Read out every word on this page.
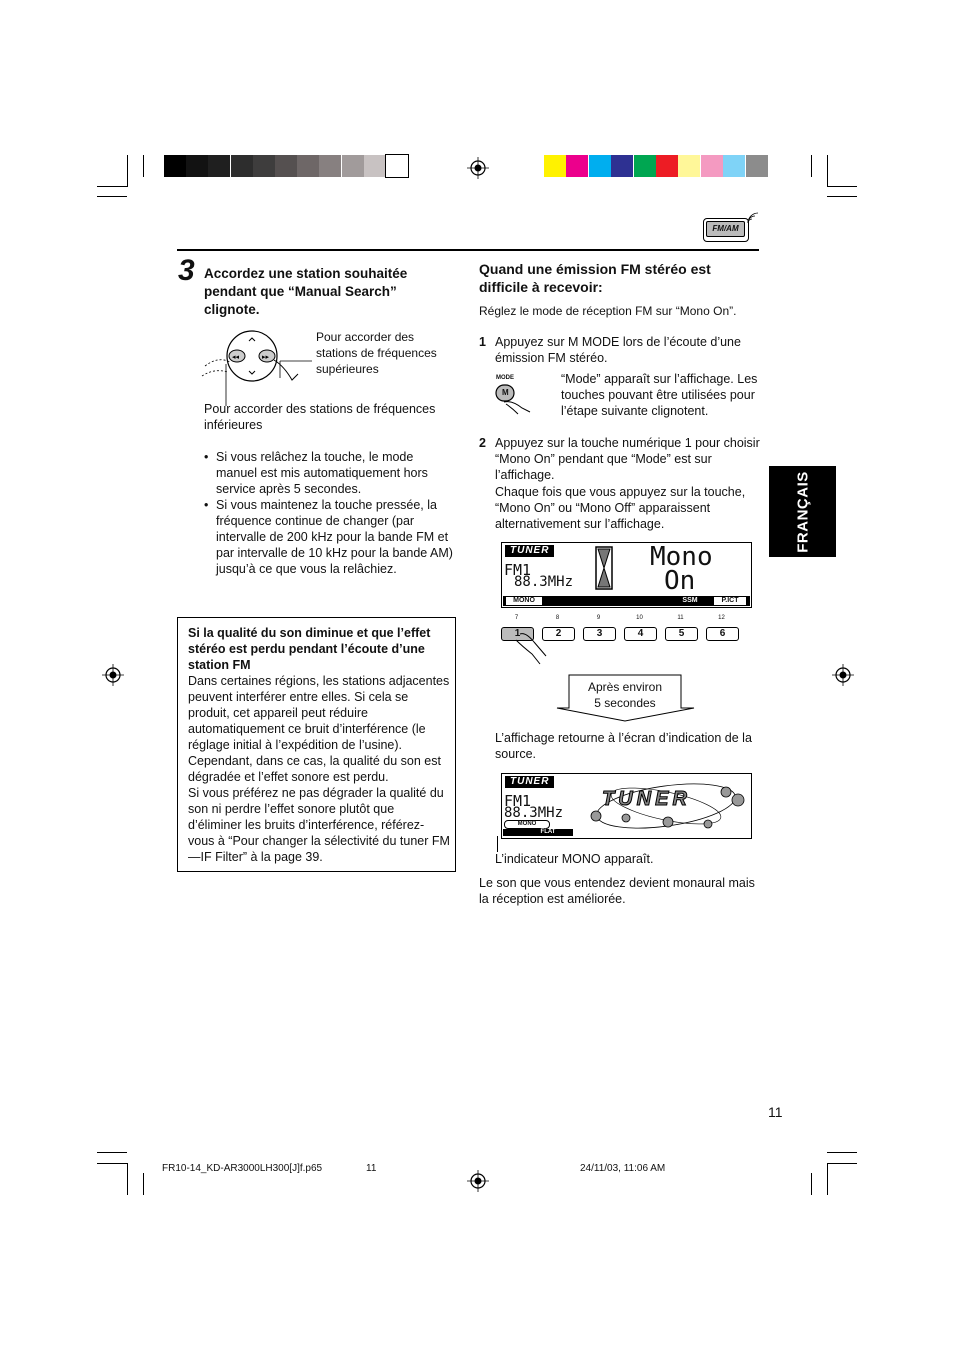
FM/AM
3 Accordez une station souhaitée pendant que “Manual Search” clignote.
◂◂	▸▸
Pour accorder des stations de fréquences supérieures
Pour accorder des stations de fréquences inférieures
• Si vous relâchez la touche, le mode manuel est mis automatiquement hors service après 5 secondes.
• Si vous maintenez la touche pressée, la fréquence continue de changer (par intervalle de 200 kHz pour la bande FM et par intervalle de 10 kHz pour la bande AM) jusqu’à ce que vous la relâchiez.
Si la qualité du son diminue et que l’effet stéréo est perdu pendant l’écoute d’une station FM
Dans certaines régions, les stations adjacentes peuvent interférer entre elles. Si cela se produit, cet appareil peut réduire automatiquement ce bruit d’interférence (le réglage initial à l’expédition de l’usine). Cependant, dans ce cas, la qualité du son est dégradée et l’effet sonore est perdu.
Si vous préférez ne pas dégrader la qualité du son ni perdre l’effet sonore plutôt que d’éliminer les bruits d’interférence, référez-vous à “Pour changer la sélectivité du tuner FM—IF Filter” à la page 39.
Quand une émission FM stéréo est difficile à recevoir:
Réglez le mode de réception FM sur “Mono On”.
1 Appuyez sur M MODE lors de l’écoute d’une émission FM stéréo.
MODE
M
“Mode” apparaît sur l’affichage. Les touches pouvant être utilisées pour l’étape suivante clignotent.
2 Appuyez sur la touche numérique 1 pour choisir “Mono On” pendant que “Mode” est sur l’affichage.
Chaque fois que vous appuyez sur la touche, “Mono On” ou “Mono Off” apparaissent alternativement sur l’affichage.
TUNER
FM1
88.3MHz
Mono
On
MONO	SSM	P.ICT
7	8	9	10	11	12
1	2	3	4	5	6
Après environ
5 secondes
L’affichage retourne à l’écran d’indication de la source.
TUNER
FM1
88.3MHz
MONO
FLAT
TUNER
L’indicateur MONO apparaît.
Le son que vous entendez devient monaural mais la réception est améliorée.
FRANÇAIS
11
FR10-14_KD-AR3000LH300[J]f.p65	11	24/11/03, 11:06 AM
